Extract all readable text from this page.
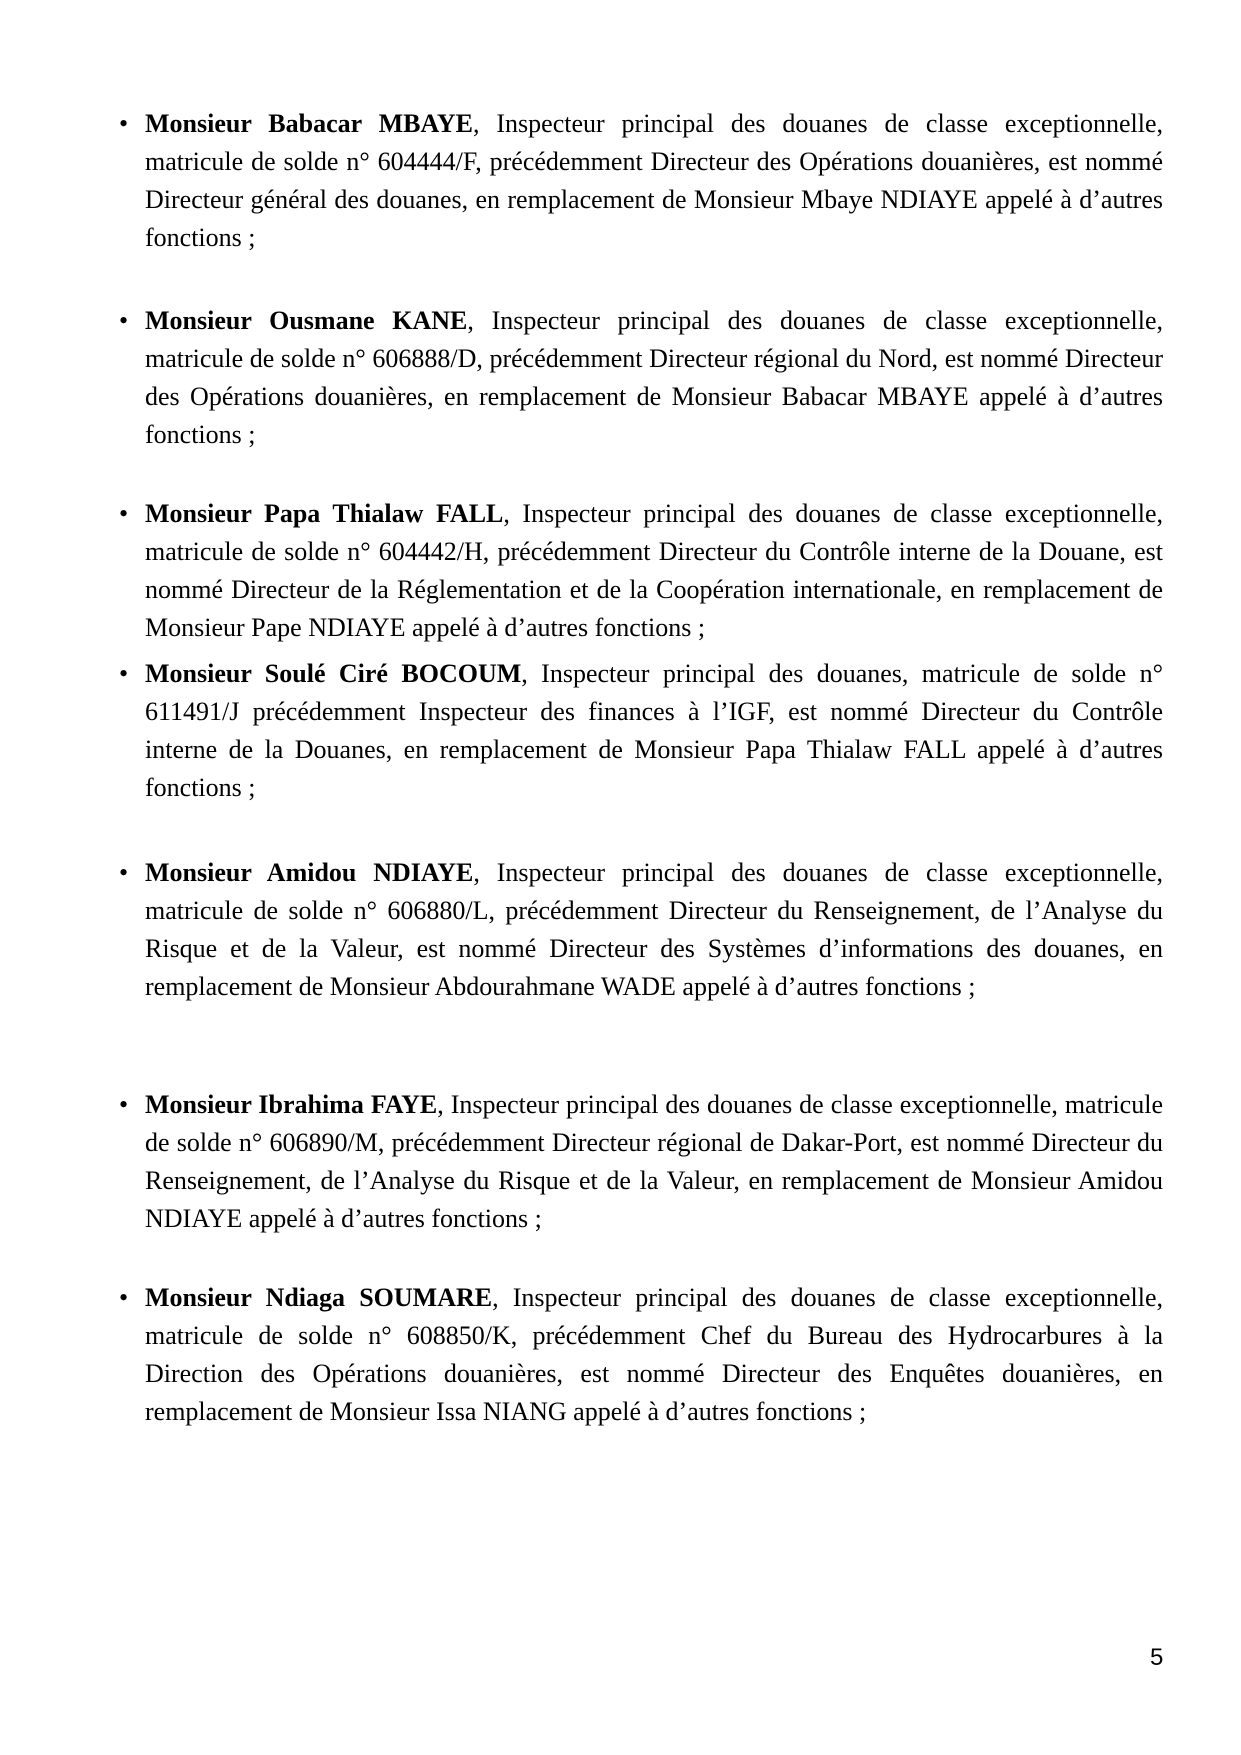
• Monsieur Babacar MBAYE, Inspecteur principal des douanes de classe exceptionnelle, matricule de solde n° 604444/F, précédemment Directeur des Opérations douanières, est nommé Directeur général des douanes, en remplacement de Monsieur Mbaye NDIAYE appelé à d’autres fonctions ;
• Monsieur Ousmane KANE, Inspecteur principal des douanes de classe exceptionnelle, matricule de solde n° 606888/D, précédemment Directeur régional du Nord, est nommé Directeur des Opérations douanières, en remplacement de Monsieur Babacar MBAYE appelé à d’autres fonctions ;
• Monsieur Papa Thialaw FALL, Inspecteur principal des douanes de classe exceptionnelle, matricule de solde n° 604442/H, précédemment Directeur du Contrôle interne de la Douane, est nommé Directeur de la Réglementation et de la Coopération internationale, en remplacement de Monsieur Pape NDIAYE appelé à d’autres fonctions ;
• Monsieur Soulé Ciré BOCOUM, Inspecteur principal des douanes, matricule de solde n° 611491/J précédemment Inspecteur des finances à l’IGF, est nommé Directeur du Contrôle interne de la Douanes, en remplacement de Monsieur Papa Thialaw FALL appelé à d’autres fonctions ;
• Monsieur Amidou NDIAYE, Inspecteur principal des douanes de classe exceptionnelle, matricule de solde n° 606880/L, précédemment Directeur du Renseignement, de l’Analyse du Risque et de la Valeur, est nommé Directeur des Systèmes d’informations des douanes, en remplacement de Monsieur Abdourahmane WADE appelé à d’autres fonctions ;
• Monsieur Ibrahima FAYE, Inspecteur principal des douanes de classe exceptionnelle, matricule de solde n° 606890/M, précédemment Directeur régional de Dakar-Port, est nommé Directeur du Renseignement, de l’Analyse du Risque et de la Valeur, en remplacement de Monsieur Amidou NDIAYE appelé à d’autres fonctions ;
• Monsieur Ndiaga SOUMARE, Inspecteur principal des douanes de classe exceptionnelle, matricule de solde n° 608850/K, précédemment Chef du Bureau des Hydrocarbures à la Direction des Opérations douanières, est nommé Directeur des Enquêtes douanières, en remplacement de Monsieur Issa NIANG appelé à d’autres fonctions ;
5
